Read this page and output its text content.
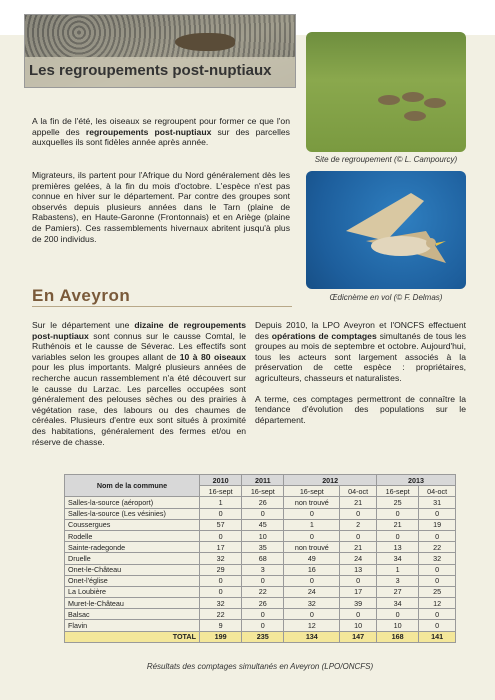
Les regroupements post-nuptiaux
Site de regroupement (© L. Campourcy)
Œdicnème en vol (© F. Delmas)
A la fin de l'été, les oiseaux se regroupent pour former ce que l'on appelle des regroupements post-nuptiaux sur des parcelles auxquelles ils sont fidèles année après année.
Migrateurs, ils partent pour l'Afrique du Nord généralement dès les premières gelées, à la fin du mois d'octobre. L'espèce n'est pas connue en hiver sur le département. Par contre des groupes sont observés depuis plusieurs années dans le Tarn (plaine de Rabastens), en Haute-Garonne (Frontonnais) et en Ariège (plaine de Pamiers). Ces rassemblements hivernaux abritent jusqu'à plus de 200 individus.
En Aveyron
Sur le département une dizaine de regroupements post-nuptiaux sont connus sur le causse Comtal, le Ruthénois et le causse de Séverac. Les effectifs sont variables selon les groupes allant de 10 à 80 oiseaux pour les plus importants. Malgré plusieurs années de recherche aucun rassemblement n'a été découvert sur le causse du Larzac. Les parcelles occupées sont généralement des pelouses sèches ou des prairies à végétation rase, des labours ou des chaumes de céréales. Plusieurs d'entre eux sont situés à proximité des habitations, généralement des fermes et/ou en réserve de chasse.
Depuis 2010, la LPO Aveyron et l'ONCFS effectuent des opérations de comptages simultanés de tous les groupes au mois de septembre et octobre. Aujourd'hui, tous les acteurs sont largement associés à la préservation de cette espèce : propriétaires, agriculteurs, chasseurs et naturalistes.
A terme, ces comptages permettront de connaître la tendance d'évolution des populations sur le département.
Nom de la commune	2010	2011	2012		2013	
	16-sept	16-sept	16-sept	04-oct	16-sept	04-oct
Salles-la-source (aéroport)	1	26	non trouvé	21	25	31
Salles-la-source (Les vésinies)	0	0	0	0	0	0
Coussergues	57	45	1	2	21	19
Rodelle	0	10	0	0	0	0
Sainte-radegonde	17	35	non trouvé	21	13	22
Druelle	32	68	49	24	34	32
Onet-le-Château	29	3	16	13	1	0
Onet-l'église	0	0	0	0	3	0
La Loubière	0	22	24	17	27	25
Muret-le-Château	32	26	32	39	34	12
Balsac	22	0	0	0	0	0
Flavin	9	0	12	10	10	0
TOTAL	199	235	134	147	168	141
Résultats des comptages simultanés en Aveyron (LPO/ONCFS)
